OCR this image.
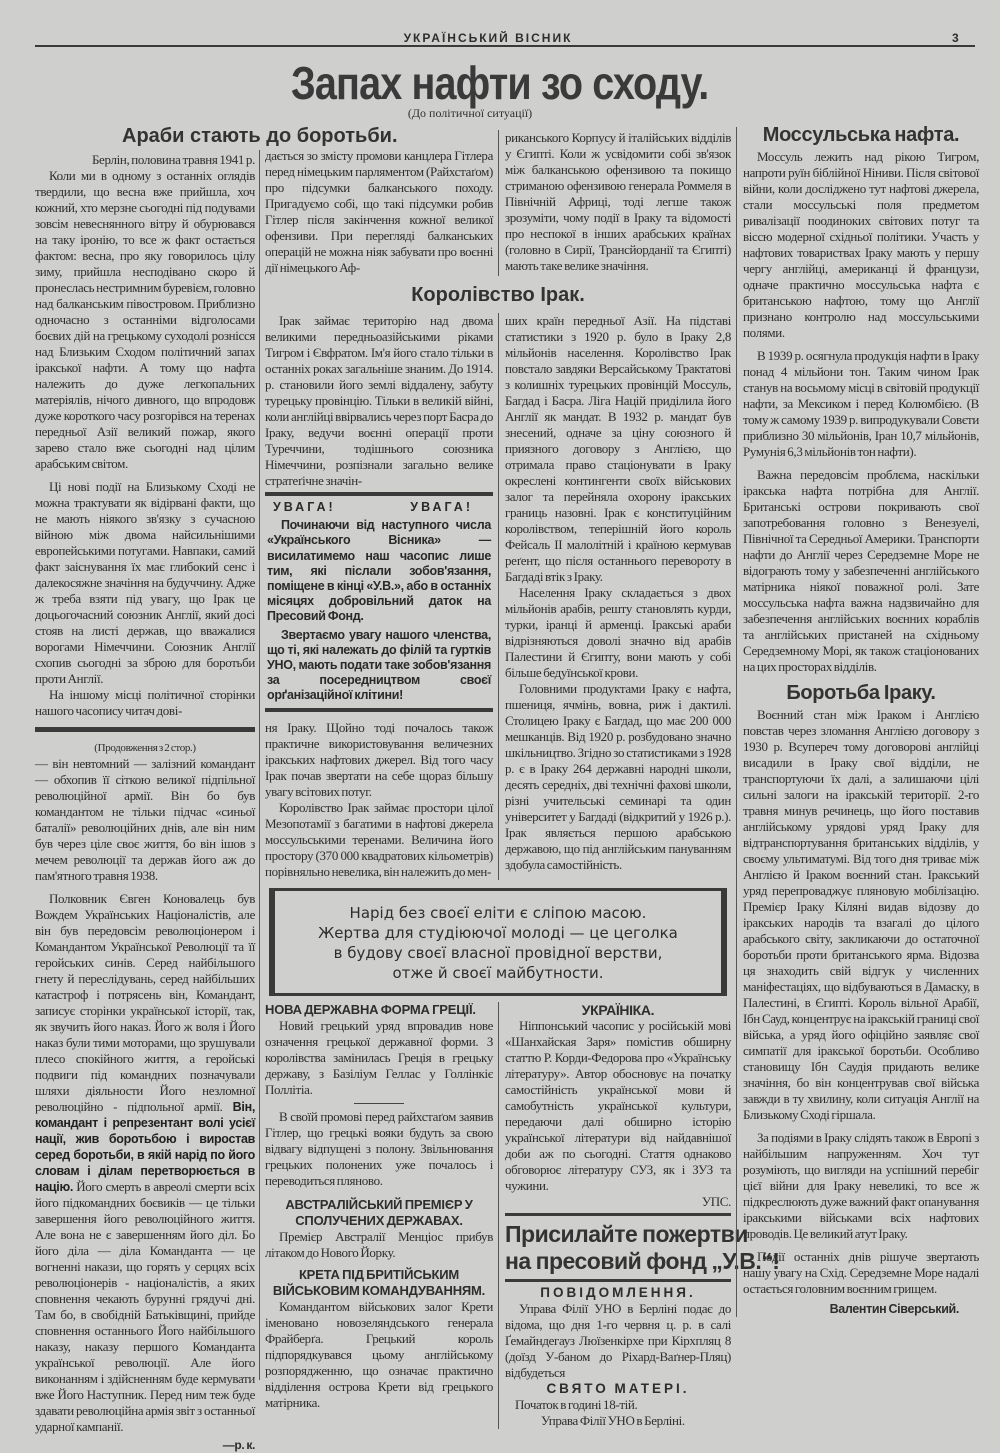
УКРАЇНСЬКИЙ ВІСНИК	3
Запах нафти зо сходу.
(До політичної ситуації)
Араби стають до боротьби.

Берлін, половина травня 1941 р.

Коли ми в одному з останніх оглядів твердили, що весна вже прийшла, хоч кожний, хто мерзне сьогодні під подувами зовсім невеснянного вітру й обурювався на таку іронію, то все ж факт остається фактом: весна, про яку говорилось цілу зиму, прийшла несподівано скоро й пронеслась нестримним буревієм, головно над балканським півостровом. Приблизно одночасно з останніми відголосами боєвих дій на грецькому суходолі рознісся над Близьким Сходом політичний запах іракської нафти. А тому що нафта належить до дуже легкопальних матеріялів, нічого дивного, що впродовж дуже короткого часу розгорівся на теренах передньої Азії великий пожар, якого зарево стало вже сьогодні над цілим арабським світом.

Ці нові події на Близькому Сході не можна трактувати як відірвані факти, що не мають ніякого зв'язку з сучасною війною між двома найсильнішими европейськими потугами. Навпаки, самий факт заіснування їх має глибокий сенс і далекосяжне значіння на будуччину. Адже ж треба взяти під увагу, що Ірак це доцьогочасний союзник Англії, який досі стояв на листі держав, що вважалися ворогами Німеччини. Союзник Англії схопив сьогодні за зброю для боротьби проти Англії.

На іншому місці політичної сторінки нашого часопису читач дові-

(Продовження з 2 стор.)

— він невтомний — залізний командант — обхопив її сіткою великої підпільної революційної армії. Він бо був командантом не тільки підчас «синьої баталії» революційних днів, але він ним був через ціле своє життя, бо він ішов з мечем революції та держав його аж до пам'ятного травня 1938.

Полковник Євген Коновалець був Вождем Українських Націоналістів, але він був передовсім революціонером і Командантом Української Революції та її геройських синів. Серед найбільшого гнету й переслідувань, серед найбільших катастроф і потрясень він, Командант, записує сторінки української історії, так, як звучить його наказ. Його ж воля і Його наказ були тими моторами, що зрушували плесо спокійного життя, а геройські подвиги під командних позначували шляхи діяльности Його незломної революційно - підпольної армії. Він, командант і репрезентант волі усієї нації, жив боротьбою і виростав серед боротьби, в якій нарід по його словам і ділам перетворюється в націю. Його смерть в авреолі смерти всіх його підкомандних боєвиків — це тільки завершення його революційного життя. Але вона не є завершенням його діл. Бо його діла — діла Команданта — це вогненні накази, що горять у серцях всіх революціонерів - націоналістів, а яких сповнення чекають буруннi грядучі дні. Там бо, в свобідній Батьківщині, прийде сповнення останнього Його найбільшого наказу, наказу першого Команданта української революції. Але його виконанням і здійсненням буде кермувати вже Його Наступник. Перед ним теж буде здавати революційна армія звіт з останньої ударної кампанії.

—р. к.

дається зо змісту промови канцлера Гітлера перед німецьким парляментом (Райхстаґом) про підсумки балканського походу. Пригадуємо собі, що такі підсумки робив Гітлер після закінчення кожної великої офензиви. При перегляді балканських операцій не можна ніяк забувати про воєнні дії німецького Аф-

риканського Корпусу й італійських відділів у Єгипті. Коли ж усвідомити собі зв'язок між балканською офензивою та покищо стриманою офензивою генерала Роммеля в Північній Африці, тоді легше також зрозуміти, чому події в Іраку та відомості про неспокої в інших арабських країнах (головно в Сирії, Трансйорданії та Єгипті) мають таке велике значіння.

Королівство Ірак.

Ірак займає територію над двома великими передньоазійськими ріками Тигром і Євфратом. Ім'я його стало тільки в останніх роках загальніше знаним. До 1914. р. становили його землі віддалену, забуту турецьку провінцію. Тільки в великій війні, коли англійці ввірвались через порт Басра до Іраку, ведучи воєнні операції проти Туреччини, тодішнього союзника Німеччини, розпізнали загально велике стратеґічне значін-

УВАГА!	УВАГА!

Починаючи від наступного числа «Українського Вісника» — висилатимемо наш часопис лише тим, які післали зобов'язання, поміщене в кінці «У.В.», або в останніх місяцях добровільний даток на Пресовий Фонд.

Звертаємо увагу нашого членства, що ті, які належать до філій та гуртків УНО, мають подати таке зобов'язання за посередництвом своєї орґанізаційної клітини!

ня Іраку. Щойно тоді почалось також практичне використовування величезних іракських нафтових джерел. Від того часу Ірак почав звертати на себе щораз більшу увагу всітових потуг.

Королівство Ірак займає простори цілої Мезопотамії з багатими в нафтові джерела моссульськими теренами. Величина його простору (370 000 квадратових кільометрів) порівняльно невелика, він належить до мен-

ших країн передньої Азії. На підставі статистики з 1920 р. було в Іраку 2,8 мільйонів населення. Королівство Ірак повстало завдяки Версайському Трактатові з колишніх турецьких провінцій Моссуль, Багдад і Басра. Ліга Націй приділила його Англії як мандат. В 1932 р. мандат був знесений, одначе за ціну союзного й приязного договору з Англією, що отримала право стаціонувати в Іраку окреслені контингенти своїх військових залог та перейняла охорону іракських границь назовні. Ірак є конституційним королівством, теперішній його король Фейсаль II малолітній і країною кермував реґент, що після останнього перевороту в Багдаді втік з Іраку.

Населення Іраку складається з двох мільйонів арабів, решту становлять курди, турки, іранці й арменці. Іракські араби відрізняються доволі значно від арабів Палестини й Єгипту, вони мають у собі більше бедуїнської крови.

Головними продуктами Іраку є нафта, пшениця, ячмінь, вовна, риж і дактилі. Столицею Іраку є Багдад, що має 200 000 мешканців. Від 1920 р. розбудовано значно шкільництво. Згідно зо статистиками з 1928 р. є в Іраку 264 державні народні школи, десять середніх, дві технічні фахові школи, різні учительські семинарі та один університет у Багдаді (відкритий у 1926 р.). Ірак являється першою арабською державою, що під англійським пануванням здобула самостійність.

Нарід без своєї еліти є сліпою масою.
Жертва для студіюючої молоді — це цеголка
в будову своєї власної провідної верстви,
отже й своєї майбутности.
НОВА ДЕРЖАВНА ФОРМА ГРЕЦІЇ.

Новий грецький уряд впровадив нове означення грецької державної форми. З королівства замінилась Греція в грецьку державу, з Базіліум Геллас у Голлінкіє Поллітіа.

В своїй промові перед райхстаґом заявив Гітлер, що грецькі вояки будуть за свою відвагу відпущені з полону. Звільнювання грецьких полонених уже почалось і переводиться пляново.

АВСТРАЛІЙСЬКИЙ ПРЕМІЄР У СПОЛУЧЕНИХ ДЕРЖАВАХ.

Премієр Австралії Менціос прибув літаком до Нового Йорку.

КРЕТА ПІД БРИТІЙСЬКИМ ВІЙСЬКОВИМ КОМАНДУВАННЯМ.

Командантом військових залог Крети іменовано новозеляндського генерала Фрайберґа. Грецький король підпорядкувався цьому англійському розпорядженню, що означає практично відділення острова Крети від грецького матірника.

УКРАЇНІКА.

Ніппонський часопис у російській мові «Шанхайская Заря» помістив обширну статтю Р. Корди-Федорова про «Українську літературу». Автор обосновує на початку самостійність української мови й самобутність української культури, передаючи далі обширно історію української літератури від найдавнішої доби аж по сьогодні. Стаття однаково обговорює літературу СУЗ, як і ЗУЗ та чужини.

УПС.
Присилайте пожертви
на пресовий фонд „У.В.“!
ПОВІДОМЛЕННЯ.

Управа Філії УНО в Берліні подає до відома, що дня 1-го червня ц. р. в салі Ґемайндегауз Люїзенкірхе при Кірхпляц 8 (доїзд У-баном до Ріхард-Ваґнер-Пляц) відбудеться

СВЯТО МАТЕРІ.
Початок в годині 18-тій.
Управа Філії УНО в Берліні.
Моссульська нафта.

Моссуль лежить над рікою Тигром, напроти руїн біблійної Ніниви. Після світової війни, коли досліджено тут нафтові джерела, стали моссульські поля предметом ривалізації поодиноких світових потуг та віссю модерної східньої політики. Участь у нафтових товариствах Іраку мають у першу чергу англійці, американці й французи, одначе практично моссульська нафта є британською нафтою, тому що Англії признано контролю над моссульськими полями.

В 1939 р. осягнула продукція нафти в Іраку понад 4 мільйони тон. Таким чином Ірак станув на восьмому місці в світовій продукції нафти, за Мексиком і перед Колюмбією. (В тому ж самому 1939 р. випродукували Совєти приблизно 30 мільйонів, Іран 10,7 мільйонів, Румунія 6,3 мільйонів тон нафти).

Важна передовсім проблєма, наскільки іракська нафта потрібна для Англії. Британські острови покривають свої запотребовання головно з Венезуелі, Північної та Середньої Америки. Транспорти нафти до Англії через Середземне Море не відограють тому у забезпеченні англійського матірника ніякої поважної ролі. Зате моссульська нафта важна надзвичайно для забезпечення англійських воєнних кораблів та англійських пристаней на східньому Середземному Морі, як також стаціонованих на цих просторах відділів.

Боротьба Іраку.

Воєнний стан між Іраком і Англією повстав через зломання Англією договору з 1930 р. Всупереч тому договорові англійці висадили в Іраку свої відділи, не транспортуючи їх далі, а залишаючи цілі сильні залоги на іракській території. 2-го травня минув речинець, що його поставив англійському урядові уряд Іраку для відтранспортування британських відділів, у своєму ультиматумі. Від того дня триває між Англією й Іраком воєнний стан. Іракський уряд перепроваджує пляновую мобілізацію. Премієр Іраку Кіляні видав відозву до іракських народів та взагалі до цілого арабського світу, закликаючи до остаточної боротьби проти британського ярма. Відозва ця знаходить свій відгук у численних маніфестаціях, що відбуваються в Дамаску, в Палестині, в Єгипті. Король вільної Арабії, Ібн Сауд, концентрує на іракській границі свої війська, а уряд його офіційно заявляє свої симпатії для іракської боротьби. Особливо становищу Ібн Саудія придають велике значіння, бо він концентрував свої війська завжди в ту хвилину, коли ситуація Англії на Близькому Сході гіршала.

За подіями в Іраку слідять також в Европі з найбільшим напруженням. Хоч тут розуміють, що вигляди на успішний перебіг цієї війни для Іраку невеликі, то все ж підкреслюють дуже важний факт опанування іракськими військами всіх нафтових проводів. Це великий атут Іраку.

Події останніх днів рішуче звертають нашу увагу на Схід. Середземне Море надалі остається головним воєнним грищем.

Валентин Сіверський.
